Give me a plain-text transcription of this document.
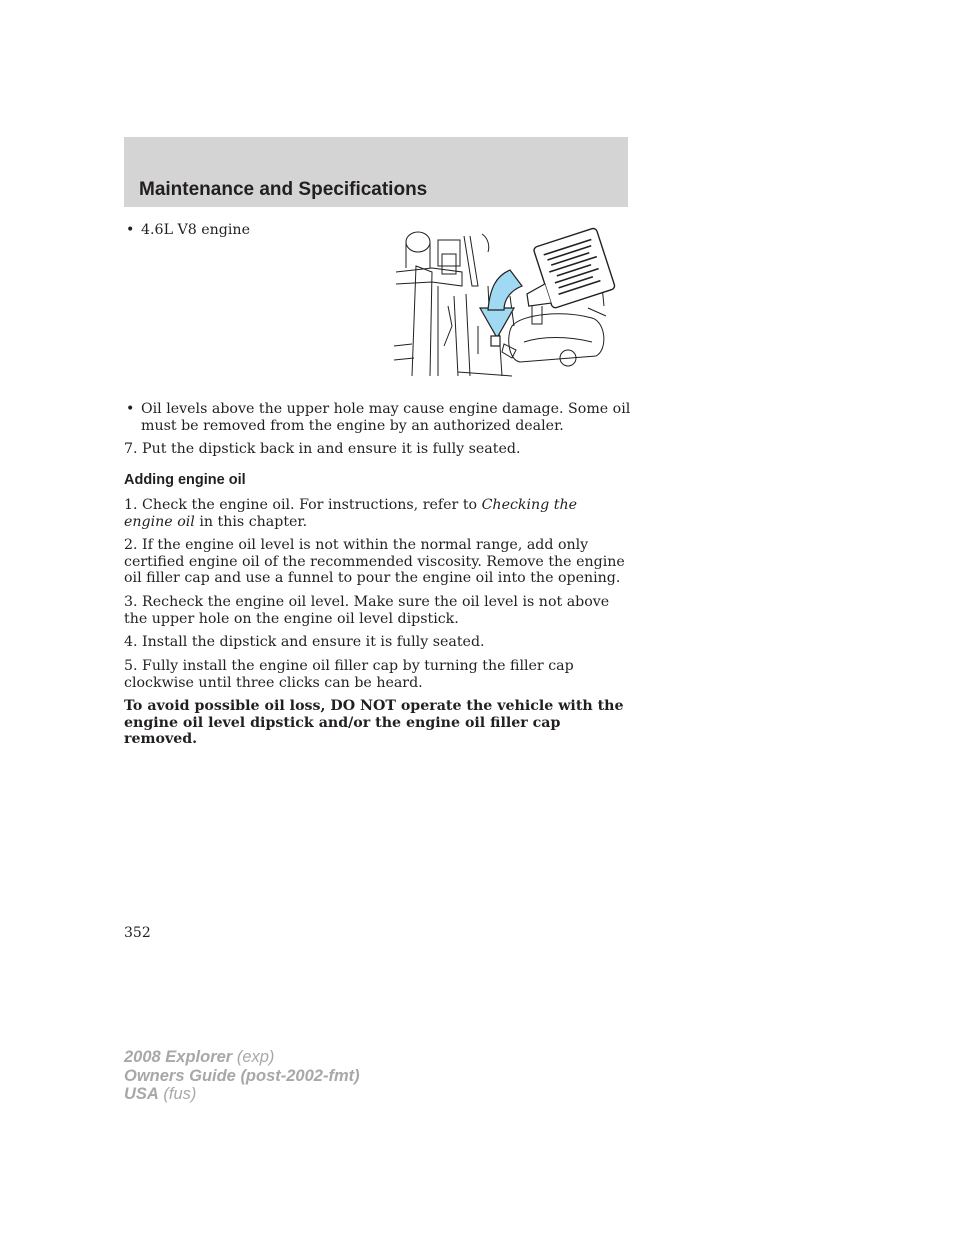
Maintenance and Specifications
• 4.6L V8 engine
• Oil levels above the upper hole may cause engine damage. Some oil must be removed from the engine by an authorized dealer.
7. Put the dipstick back in and ensure it is fully seated.
Adding engine oil
1. Check the engine oil. For instructions, refer to Checking the engine oil in this chapter.
2. If the engine oil level is not within the normal range, add only certified engine oil of the recommended viscosity. Remove the engine oil filler cap and use a funnel to pour the engine oil into the opening.
3. Recheck the engine oil level. Make sure the oil level is not above the upper hole on the engine oil level dipstick.
4. Install the dipstick and ensure it is fully seated.
5. Fully install the engine oil filler cap by turning the filler cap clockwise until three clicks can be heard.
To avoid possible oil loss, DO NOT operate the vehicle with the engine oil level dipstick and/or the engine oil filler cap removed.
352
2008 Explorer (exp)
Owners Guide (post-2002-fmt)
USA (fus)
